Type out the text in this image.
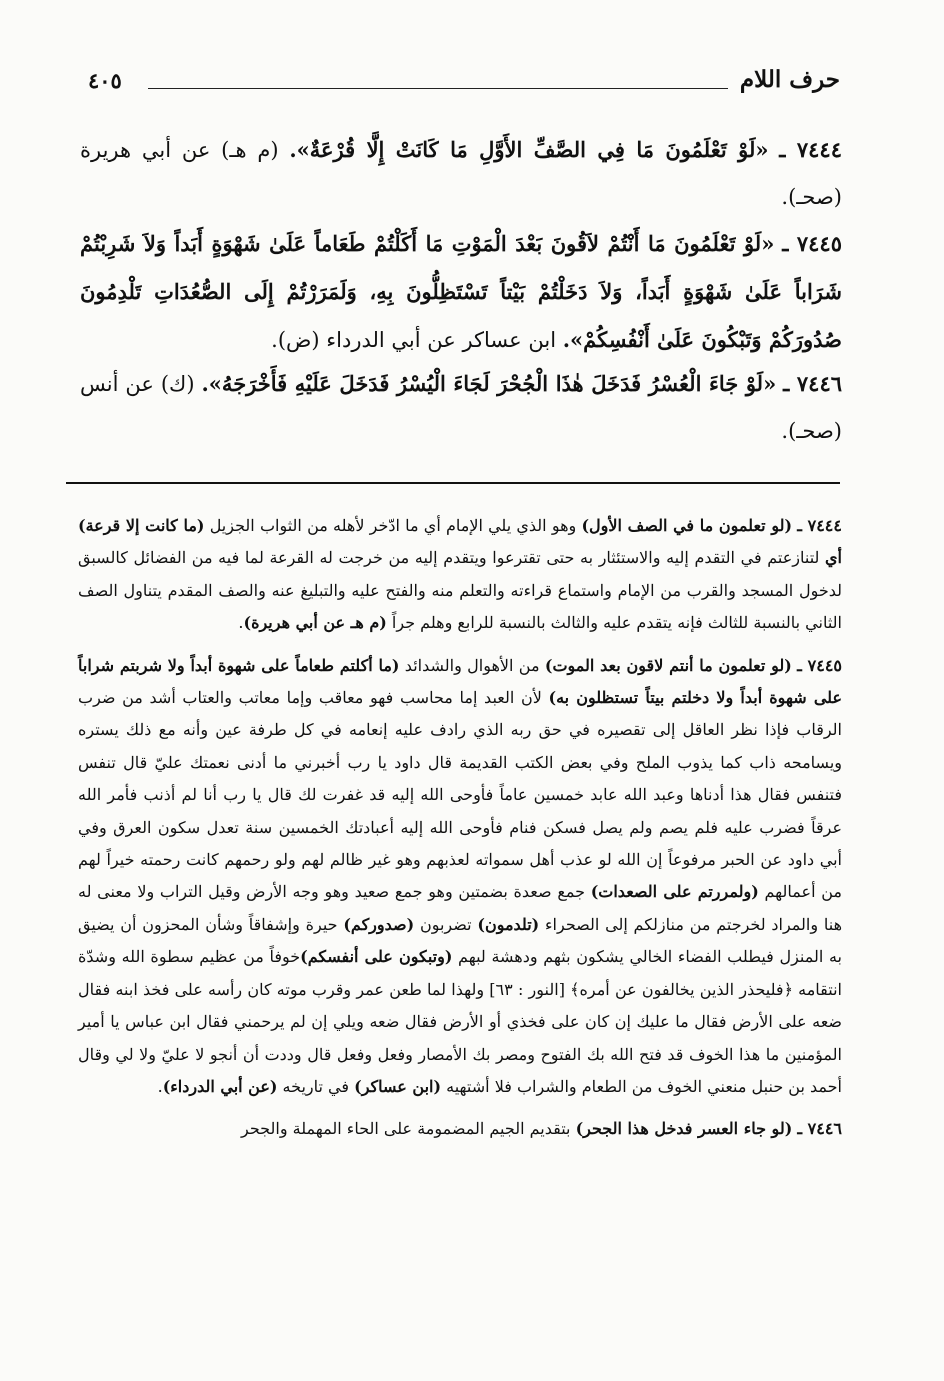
حرف اللام
٤٠٥
٧٤٤٤ ـ «لَوْ تَعْلَمُونَ مَا فِي الصَّفِّ الأَوَّلِ مَا كَانَتْ إِلَّا قُرْعَةٌ». (م هـ) عن أبي هريرة (صحـ).
٧٤٤٥ ـ «لَوْ تَعْلَمُونَ مَا أَنْتُمْ لاَقُونَ بَعْدَ الْمَوْتِ مَا أَكَلْتُمْ طَعَاماً عَلَىٰ شَهْوَةٍ أَبَداً وَلاَ شَرِبْتُمْ شَرَاباً عَلَىٰ شَهْوَةٍ أَبَداً، وَلاَ دَخَلْتُمْ بَيْتاً تَسْتَظِلُّونَ بِهِ، وَلَمَرَرْتُمْ إِلَى الصُّعُدَاتِ تَلْدِمُونَ صُدُورَكُمْ وَتَبْكُونَ عَلَىٰ أَنْفُسِكُمْ». ابن عساكر عن أبي الدرداء (ض).
٧٤٤٦ ـ «لَوْ جَاءَ الْعُسْرُ فَدَخَلَ هٰذَا الْجُحْرَ لَجَاءَ الْيُسْرُ فَدَخَلَ عَلَيْهِ فَأَخْرَجَهُ». (ك) عن أنس (صحـ).

٧٤٤٤ ـ (لو تعلمون ما في الصف الأول) وهو الذي يلي الإمام أي ما ادّخر لأهله من الثواب الجزيل (ما كانت إلا قرعة) أي لتنازعتم في التقدم إليه والاستئثار به حتى تقترعوا ويتقدم إليه من خرجت له القرعة لما فيه من الفضائل كالسبق لدخول المسجد والقرب من الإمام واستماع قراءته والتعلم منه والفتح عليه والتبليغ عنه والصف المقدم يتناول الصف الثاني بالنسبة للثالث فإنه يتقدم عليه والثالث بالنسبة للرابع وهلم جراً (م هـ عن أبي هريرة).

٧٤٤٥ ـ (لو تعلمون ما أنتم لاقون بعد الموت) من الأهوال والشدائد (ما أكلتم طعاماً على شهوة أبداً ولا شربتم شراباً على شهوة أبداً ولا دخلتم بيتاً تستظلون به) لأن العبد إما محاسب فهو معاقب وإما معاتب والعتاب أشد من ضرب الرقاب فإذا نظر العاقل إلى تقصيره في حق ربه الذي رادف عليه إنعامه في كل طرفة عين وأنه مع ذلك يستره ويسامحه ذاب كما يذوب الملح وفي بعض الكتب القديمة قال داود يا رب أخبرني ما أدنى نعمتك عليّ قال تنفس فتنفس فقال هذا أدناها وعبد الله عابد خمسين عاماً فأوحى الله إليه قد غفرت لك قال يا رب أنا لم أذنب فأمر الله عرقاً فضرب عليه فلم يصم ولم يصل فسكن فنام فأوحى الله إليه أعبادتك الخمسين سنة تعدل سكون العرق وفي أبي داود عن الحبر مرفوعاً إن الله لو عذب أهل سمواته لعذبهم وهو غير ظالم لهم ولو رحمهم كانت رحمته خيراً لهم من أعمالهم (ولمررتم على الصعدات) جمع صعدة بضمتين وهو جمع صعيد وهو وجه الأرض وقيل التراب ولا معنى له هنا والمراد لخرجتم من منازلكم إلى الصحراء (تلدمون) تضربون (صدوركم) حيرة وإشفاقاً وشأن المحزون أن يضيق به المنزل فيطلب الفضاء الخالي يشكون بثهم ودهشة لبهم (وتبكون على أنفسكم)خوفاً من عظيم سطوة الله وشدّة انتقامه ﴿فليحذر الذين يخالفون عن أمره﴾ [النور : ٦٣] ولهذا لما طعن عمر وقرب موته كان رأسه على فخذ ابنه فقال ضعه على الأرض فقال ما عليك إن كان على فخذي أو الأرض فقال ضعه ويلي إن لم يرحمني فقال ابن عباس يا أمير المؤمنين ما هذا الخوف قد فتح الله بك الفتوح ومصر بك الأمصار وفعل وفعل قال وددت أن أنجو لا عليّ ولا لي وقال أحمد بن حنبل منعني الخوف من الطعام والشراب فلا أشتهيه (ابن عساكر) في تاريخه (عن أبي الدرداء).

٧٤٤٦ ـ (لو جاء العسر فدخل هذا الجحر) بتقديم الجيم المضمومة على الحاء المهملة والجحر
